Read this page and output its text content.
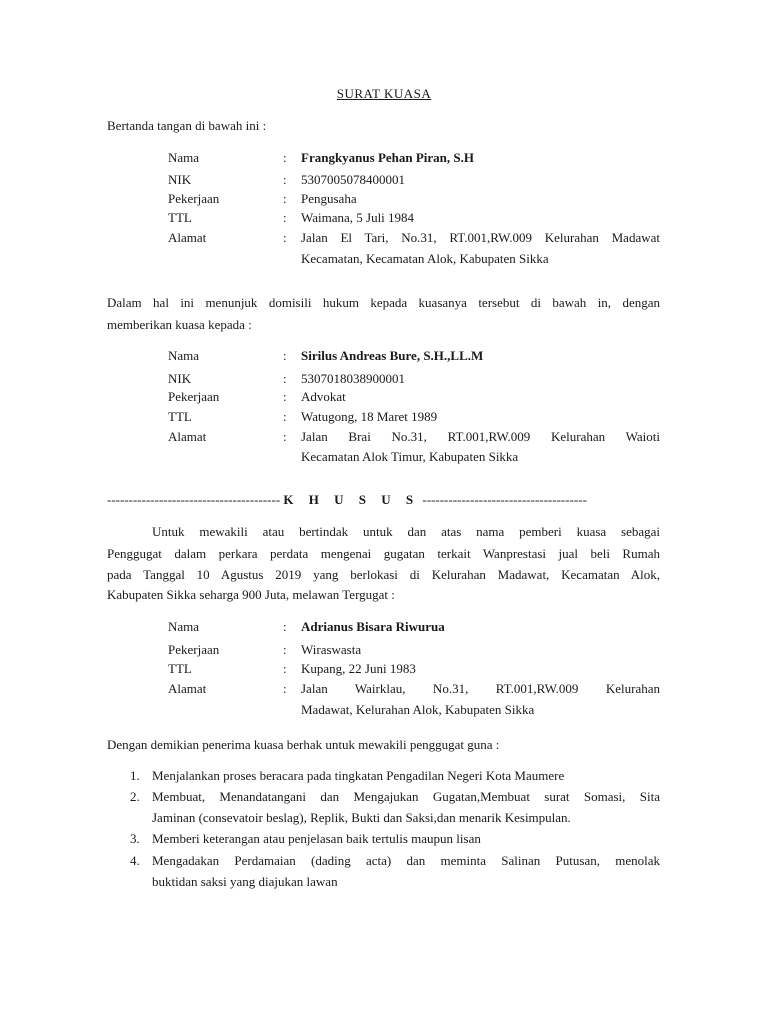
SURAT KUASA
Bertanda tangan di bawah ini :
Nama	: Frangkyanus Pehan Piran, S.H
NIK	: 5307005078400001
Pekerjaan	: Pengusaha
TTL	: Waimana, 5 Juli 1984
Alamat	: Jalan El Tari, No.31, RT.001,RW.009 Kelurahan Madawat
Kecamatan, Kecamatan Alok, Kabupaten Sikka
Dalam hal ini menunjuk domisili hukum kepada kuasanya tersebut di bawah in, dengan
memberikan kuasa kepada :
Nama	: Sirilus Andreas Bure, S.H.,LL.M
NIK	: 5307018038900001
Pekerjaan	: Advokat
TTL	: Watugong, 18 Maret 1989
Alamat	: Jalan Brai No.31, RT.001,RW.009 Kelurahan Waioti
Kecamatan Alok Timur, Kabupaten Sikka
---------------------------------------- K H U S U S --------------------------------------
Untuk mewakili atau bertindak untuk dan atas nama pemberi kuasa sebagai
Penggugat dalam perkara perdata mengenai gugatan terkait Wanprestasi jual beli Rumah
pada Tanggal 10 Agustus 2019 yang berlokasi di Kelurahan Madawat, Kecamatan Alok,
Kabupaten Sikka seharga 900 Juta, melawan Tergugat :
Nama	: Adrianus Bisara Riwurua
Pekerjaan	: Wiraswasta
TTL	: Kupang, 22 Juni 1983
Alamat	: Jalan Wairklau, No.31, RT.001,RW.009 Kelurahan
Madawat, Kelurahan Alok, Kabupaten Sikka
Dengan demikian penerima kuasa berhak untuk mewakili penggugat guna :
1. Menjalankan proses beracara pada tingkatan Pengadilan Negeri Kota Maumere
2. Membuat, Menandatangani dan Mengajukan Gugatan,Membuat surat Somasi, Sita
Jaminan (consevatoir beslag), Replik, Bukti dan Saksi,dan menarik Kesimpulan.
3. Memberi keterangan atau penjelasan baik tertulis maupun lisan
4. Mengadakan Perdamaian (dading acta) dan meminta Salinan Putusan, menolak
buktidan saksi yang diajukan lawan
